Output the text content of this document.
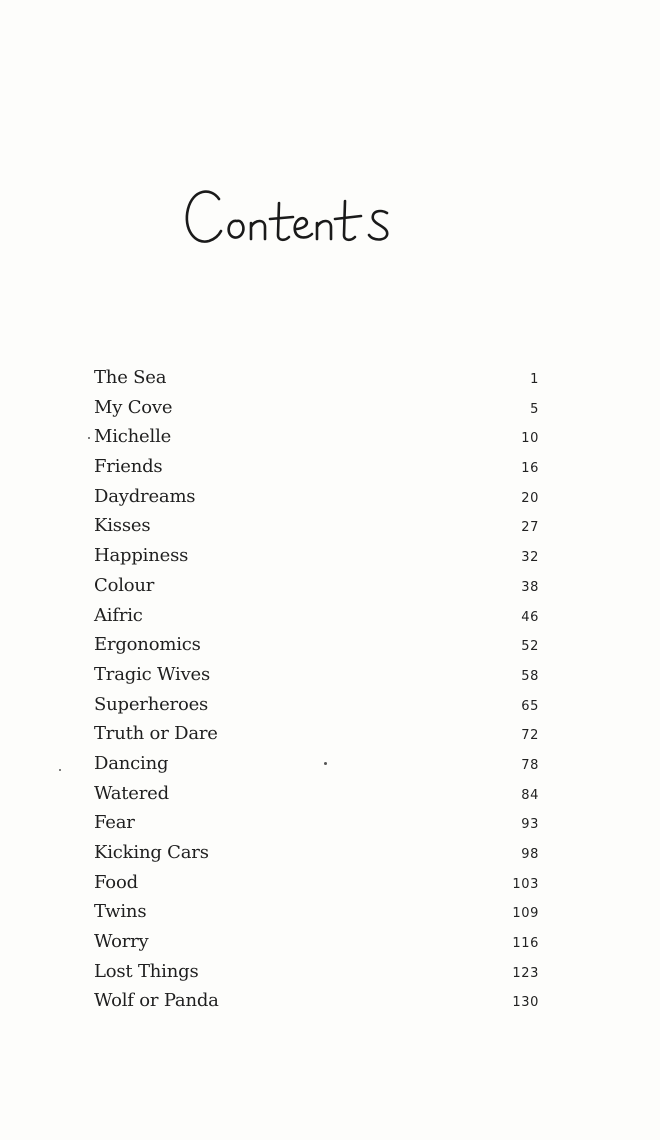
The Sea	1
My Cove	5
Michelle	10
Friends	16
Daydreams	20
Kisses	27
Happiness	32
Colour	38
Aifric	46
Ergonomics	52
Tragic Wives	58
Superheroes	65
Truth or Dare	72
Dancing	78
Watered	84
Fear	93
Kicking Cars	98
Food	103
Twins	109
Worry	116
Lost Things	123
Wolf or Panda	130
